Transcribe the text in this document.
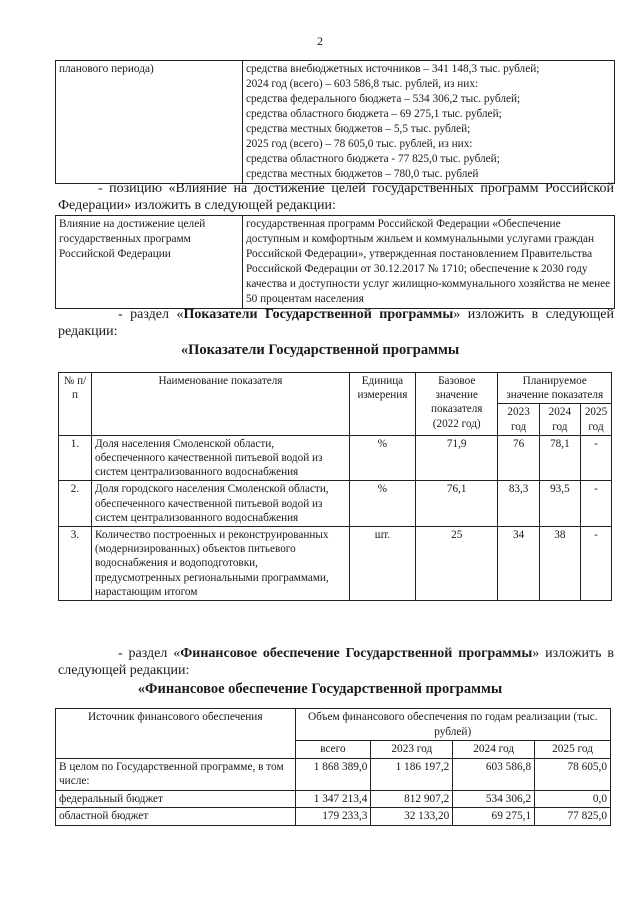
2
планового периода)	средства внебюджетных источников – 341 148,3 тыс. рублей;
2024 год (всего) – 603 586,8 тыс. рублей, из них:
средства федерального бюджета – 534 306,2 тыс. рублей;
средства областного бюджета – 69 275,1 тыс. рублей;
средства местных бюджетов – 5,5 тыс. рублей;
2025 год (всего) – 78 605,0 тыс. рублей, из них:
средства областного бюджета - 77 825,0 тыс. рублей;
средства местных бюджетов – 780,0 тыс. рублей
- позицию «Влияние на достижение целей государственных программ Российской Федерации» изложить в следующей редакции:
Влияние на достижение целей государственных программ Российской Федерации	государственная программ Российской Федерации «Обеспечение доступным и комфортным жильем и коммунальными услугами граждан Российской Федерации», утвержденная постановлением Правительства Российской Федерации от 30.12.2017 № 1710; обеспечение к 2030 году качества и доступности услуг жилищно-коммунального хозяйства не менее 50 процентам населения
- раздел «Показатели Государственной программы» изложить в следующей редакции:
«Показатели Государственной программы
№ п/п	Наименование показателя	Единица измерения	Базовое значение показателя (2022 год)	Планируемое значение показателя		
				2023 год	2024 год	2025 год
1.	Доля населения Смоленской области, обеспеченного качественной питьевой водой из систем централизованного водоснабжения	%	71,9	76	78,1	-
2.	Доля городского населения Смоленской области, обеспеченного качественной питьевой водой из систем централизованного водоснабжения	%	76,1	83,3	93,5	-
3.	Количество построенных и реконструированных (модернизированных) объектов питьевого водоснабжения и водоподготовки, предусмотренных региональными программами, нарастающим итогом	шт.	25	34	38	-
- раздел «Финансовое обеспечение Государственной программы» изложить в следующей редакции:
«Финансовое обеспечение Государственной программы
Источник финансового обеспечения	Объем финансового обеспечения по годам реализации (тыс. рублей)			
	всего	2023 год	2024 год	2025 год
В целом по Государственной программе, в том числе:	1 868 389,0	1 186 197,2	603 586,8	78 605,0
федеральный бюджет	1 347 213,4	812 907,2	534 306,2	0,0
областной бюджет	179 233,3	32 133,20	69 275,1	77 825,0
